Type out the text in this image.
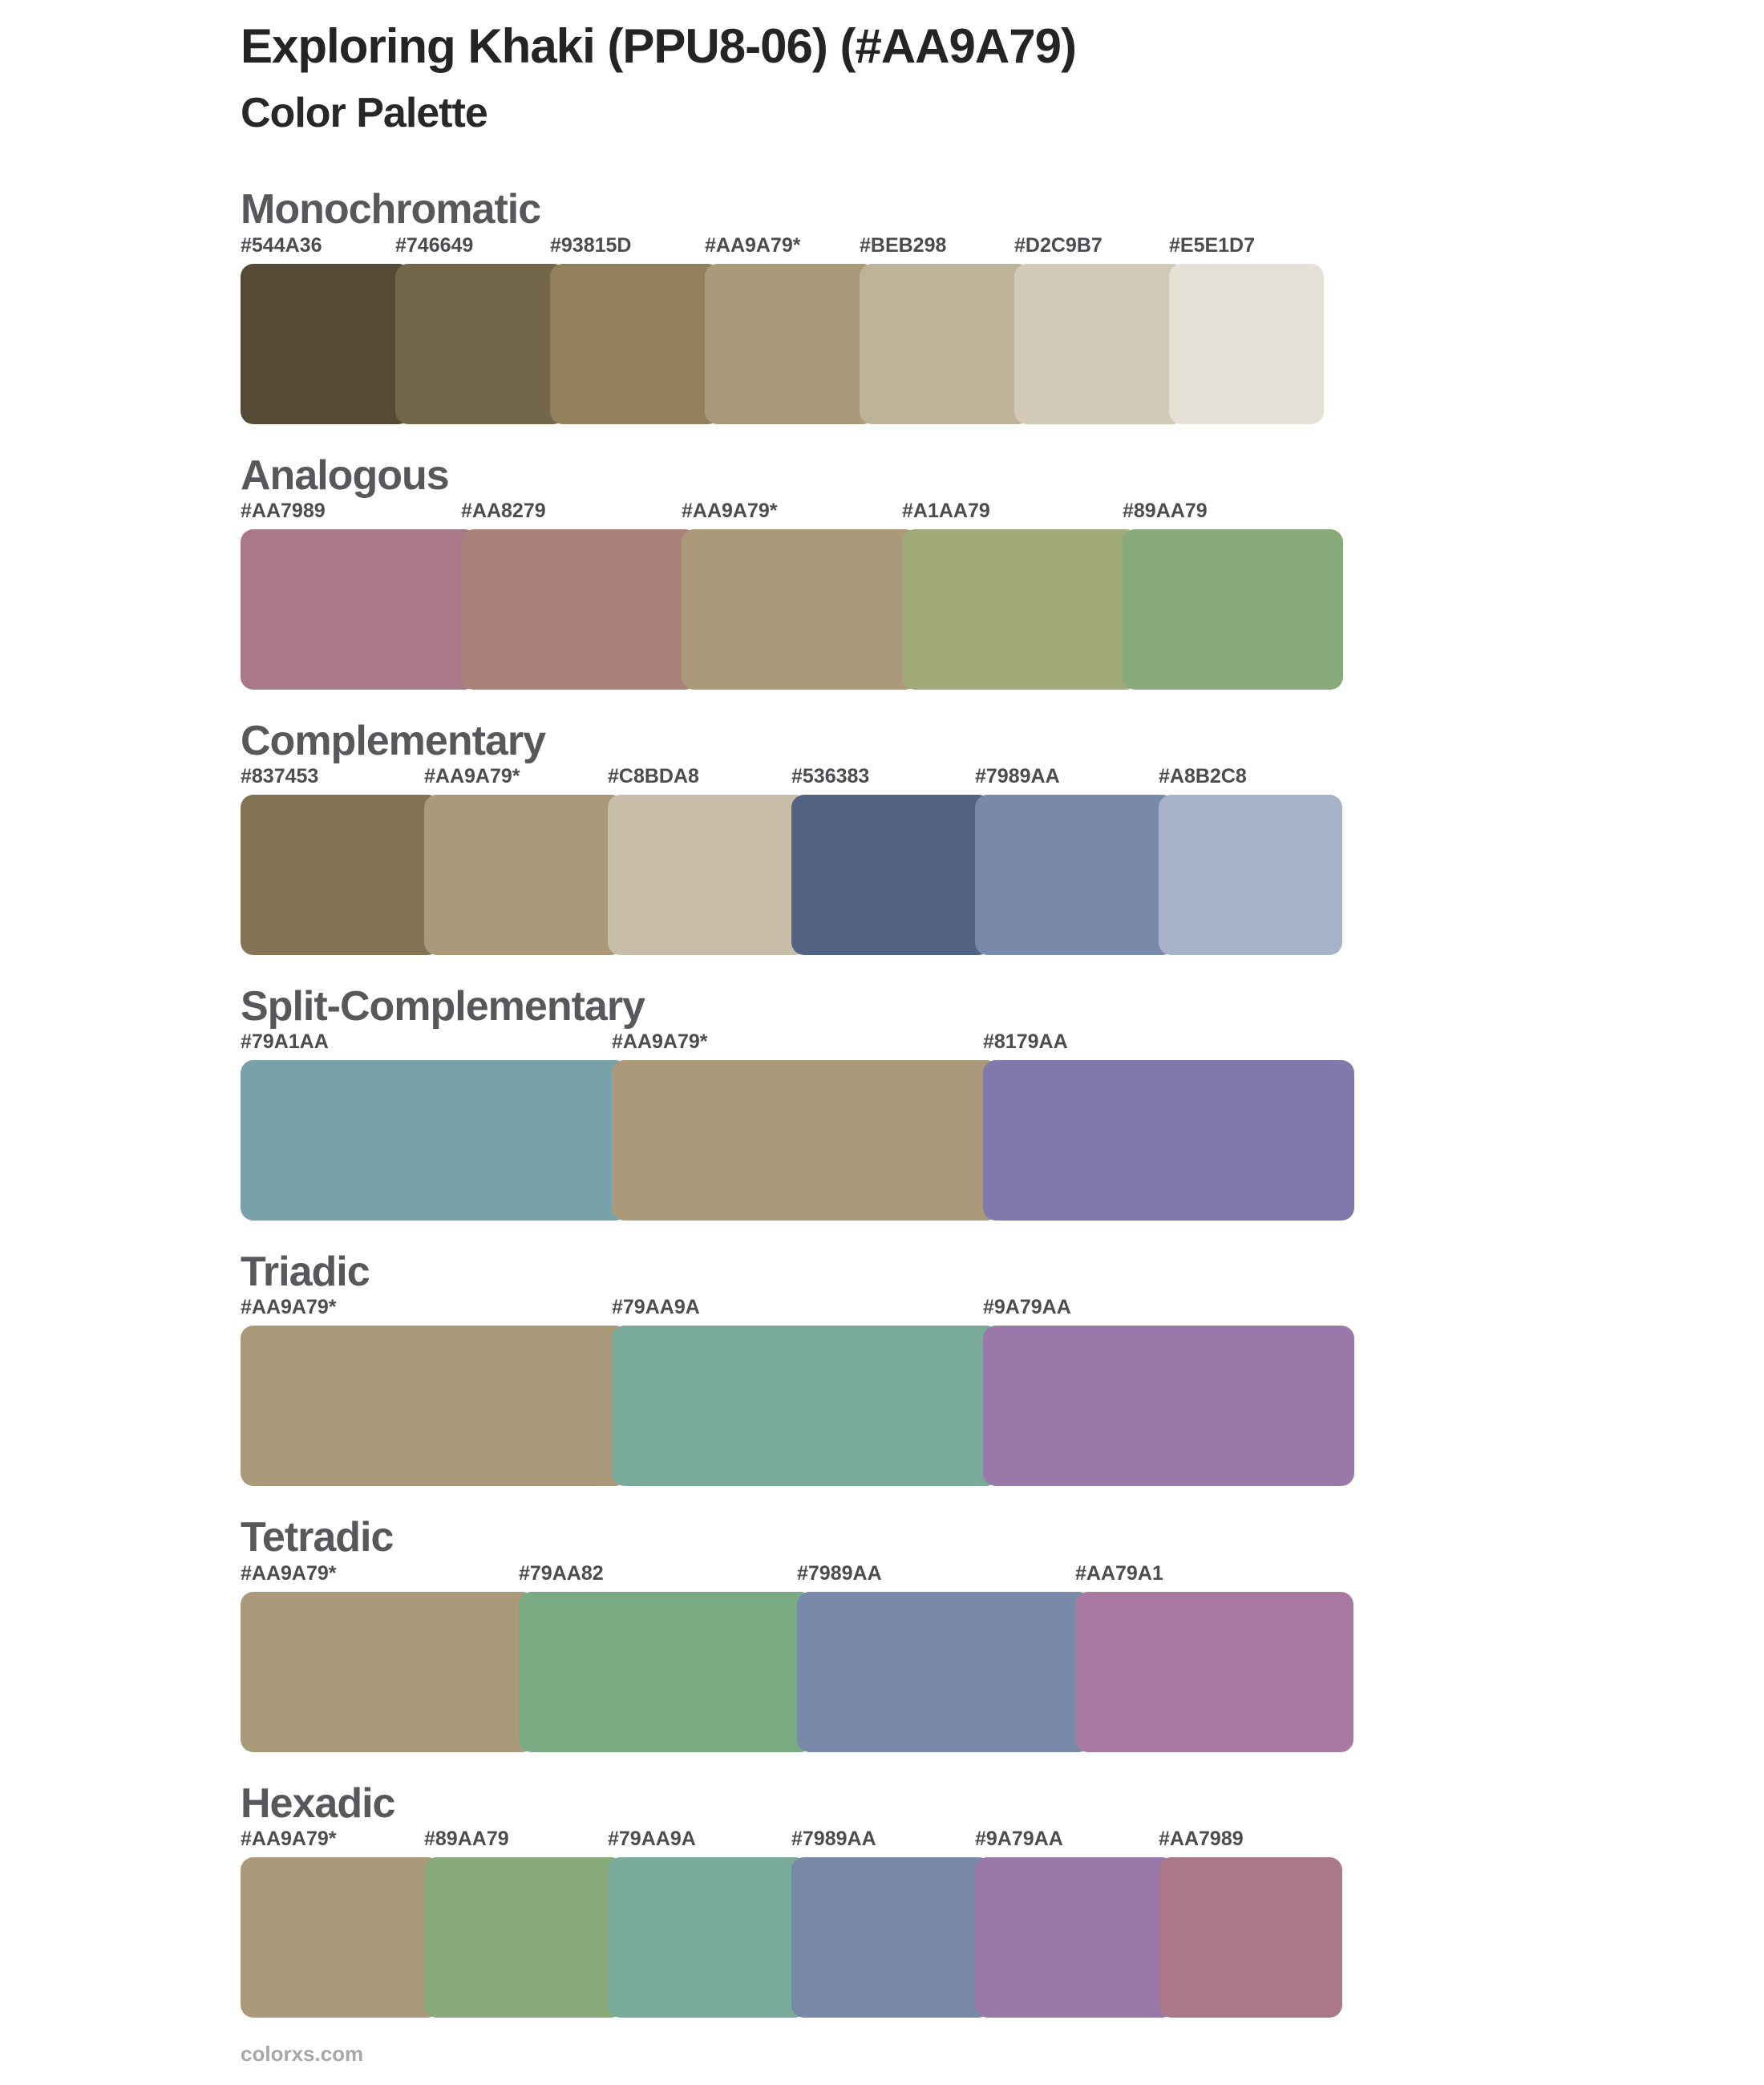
Exploring Khaki (PPU8-06) (#AA9A79)
Color Palette
Monochromatic
#544A36	#746649	#93815D	#AA9A79*	#BEB298	#D2C9B7	#E5E1D7
Analogous
#AA7989	#AA8279	#AA9A79*	#A1AA79	#89AA79
Complementary
#837453	#AA9A79*	#C8BDA8	#536383	#7989AA	#A8B2C8
Split-Complementary
#79A1AA	#AA9A79*	#8179AA
Triadic
#AA9A79*	#79AA9A	#9A79AA
Tetradic
#AA9A79*	#79AA82	#7989AA	#AA79A1
Hexadic
#AA9A79*	#89AA79	#79AA9A	#7989AA	#9A79AA	#AA7989
colorxs.com
